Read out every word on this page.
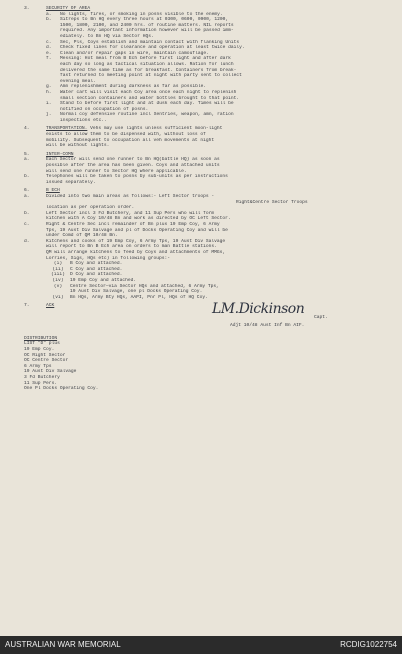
3.	SECURITY OF AREA
a.	No lights, fires, or smoking in posns visible to the enemy.
b.	Sitreps to Bn HQ every three hours at 0300, 0600, 0900, 1200,
1500, 1800, 2100, and 2400 hrs. of routine matters. NIL reports
required. Any important information however will be passed imm-
ediately. to Bn HQ via Sector HQs.
c.	Sec, Pls, Coys establish and maintain contact with flanking Units
d.	Check fixed lines for clearance and operation at least twice daily.
e.	Clean and/or repair gaps in wire, maintain camouflage.
f.	Messing: Hot meal from B Ech before first light and after dark
each day so long as tactical situation allows. Ration for lunch
delivered the same time as for breakfast. Containers from break-
fast returned to meeting point at night with party sent to collect
evening meal.
g.	Amn replenishment during darkness as far as possible.
h.	Water cart will visit each Coy area once each night to replenish
small section containers and water bottles brought to that point.
i.	Stand to before first light and at dusk each day. Times will be
notified on occupation of posns.
j.	Normal coy defensive routine incl Sentries, weapon, amn, ration
inspections etc..
4.	TRANSPORTATION. Vehs may use lights unless sufficient moon-light
exists to allow them to be dispensed with, without loss of
mobility. Subsequent to occupation all veh movements at night
will be without lights.
5.	INTER-COMN
a.	Each Sector will send one runner to Bn HQ(battle HQ) as soon as
possible after the area has been given. Coys and attached units
will send one runner to Sector HQ where applicable.
b.	Telephones will be taken to posns by sub-units as per instructions
issued separately.
6.	B ECH
a.	Divided into two main areas as follows:- Left Sector troops -
Right&Centre Sector Troops
location as per operation order.
b.	Left Sector incl 3 Fd Butchery, and 11 Sup Pers who will form
kitchen with A Coy 10/48 Bn and work as directed by OC Left Sector.
c.	Right & Centre Sec incl remainder of Bn plus 19 Emp Coy, 6 Army
Tps, 19 Aust Div Salvage and pl of Docks Operating Coy and will be
under Comd of QM 10/48 Bn.
d.	Kitchens and cooks of 19 Emp Coy, 6 Army Tps, 19 Aust Div Salvage
will report to Bn B Ech area on orders to man Battle stations.
QM will arrange kitchens to feed by Coys and attachments of MMGs,
Lorries, Sigs, HQs etc) in following groups:-
(i)	B Coy and attached.
(ii)	C Coy and attached.
(iii)	D Coy and attached.
(iv)	19 Emp Coy and attached.
(v)	Centre Sector—via Sector HQs and attached, 6 Army Tps,
19 Aust Div Salvage, one pl Docks Operating Coy.
(vi)	Bn HQs, Army Bty HQs, AAPI, Pnr Pl, HQs of HQ Coy.
7.	ACK	LM.Dickinson
Capt.
Adjt 10/48 Aust Inf Bn AIF.
DISTRIBUTION
LIST "D" plus
19 Emp Coy.
OC Right Sector
OC Centre Sector
6 Army Tps
19 Aust Div Salvage
3 Fd Butchery
11 Sup Pers.
One Pl Docks Operating Coy.
AUSTRALIAN WAR MEMORIAL	RCDIG1022754
